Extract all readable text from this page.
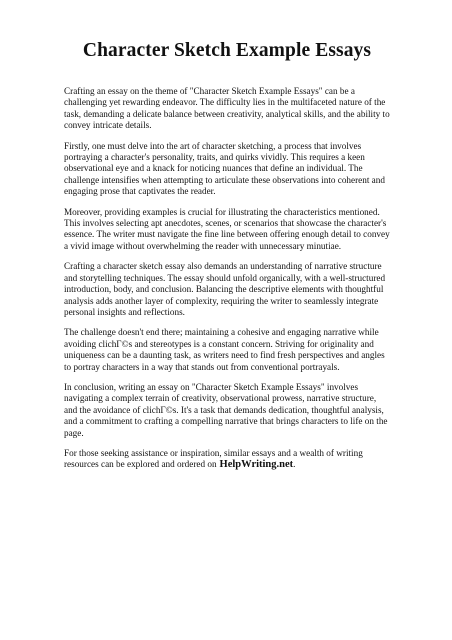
Character Sketch Example Essays

Crafting an essay on the theme of "Character Sketch Example Essays" can be a challenging yet rewarding endeavor. The difficulty lies in the multifaceted nature of the task, demanding a delicate balance between creativity, analytical skills, and the ability to convey intricate details.

Firstly, one must delve into the art of character sketching, a process that involves portraying a character's personality, traits, and quirks vividly. This requires a keen observational eye and a knack for noticing nuances that define an individual. The challenge intensifies when attempting to articulate these observations into coherent and engaging prose that captivates the reader.

Moreover, providing examples is crucial for illustrating the characteristics mentioned. This involves selecting apt anecdotes, scenes, or scenarios that showcase the character's essence. The writer must navigate the fine line between offering enough detail to convey a vivid image without overwhelming the reader with unnecessary minutiae.

Crafting a character sketch essay also demands an understanding of narrative structure and storytelling techniques. The essay should unfold organically, with a well-structured introduction, body, and conclusion. Balancing the descriptive elements with thoughtful analysis adds another layer of complexity, requiring the writer to seamlessly integrate personal insights and reflections.

The challenge doesn't end there; maintaining a cohesive and engaging narrative while avoiding clichГ©s and stereotypes is a constant concern. Striving for originality and uniqueness can be a daunting task, as writers need to find fresh perspectives and angles to portray characters in a way that stands out from conventional portrayals.

In conclusion, writing an essay on "Character Sketch Example Essays" involves navigating a complex terrain of creativity, observational prowess, narrative structure, and the avoidance of clichГ©s. It's a task that demands dedication, thoughtful analysis, and a commitment to crafting a compelling narrative that brings characters to life on the page.

For those seeking assistance or inspiration, similar essays and a wealth of writing resources can be explored and ordered on HelpWriting.net.
